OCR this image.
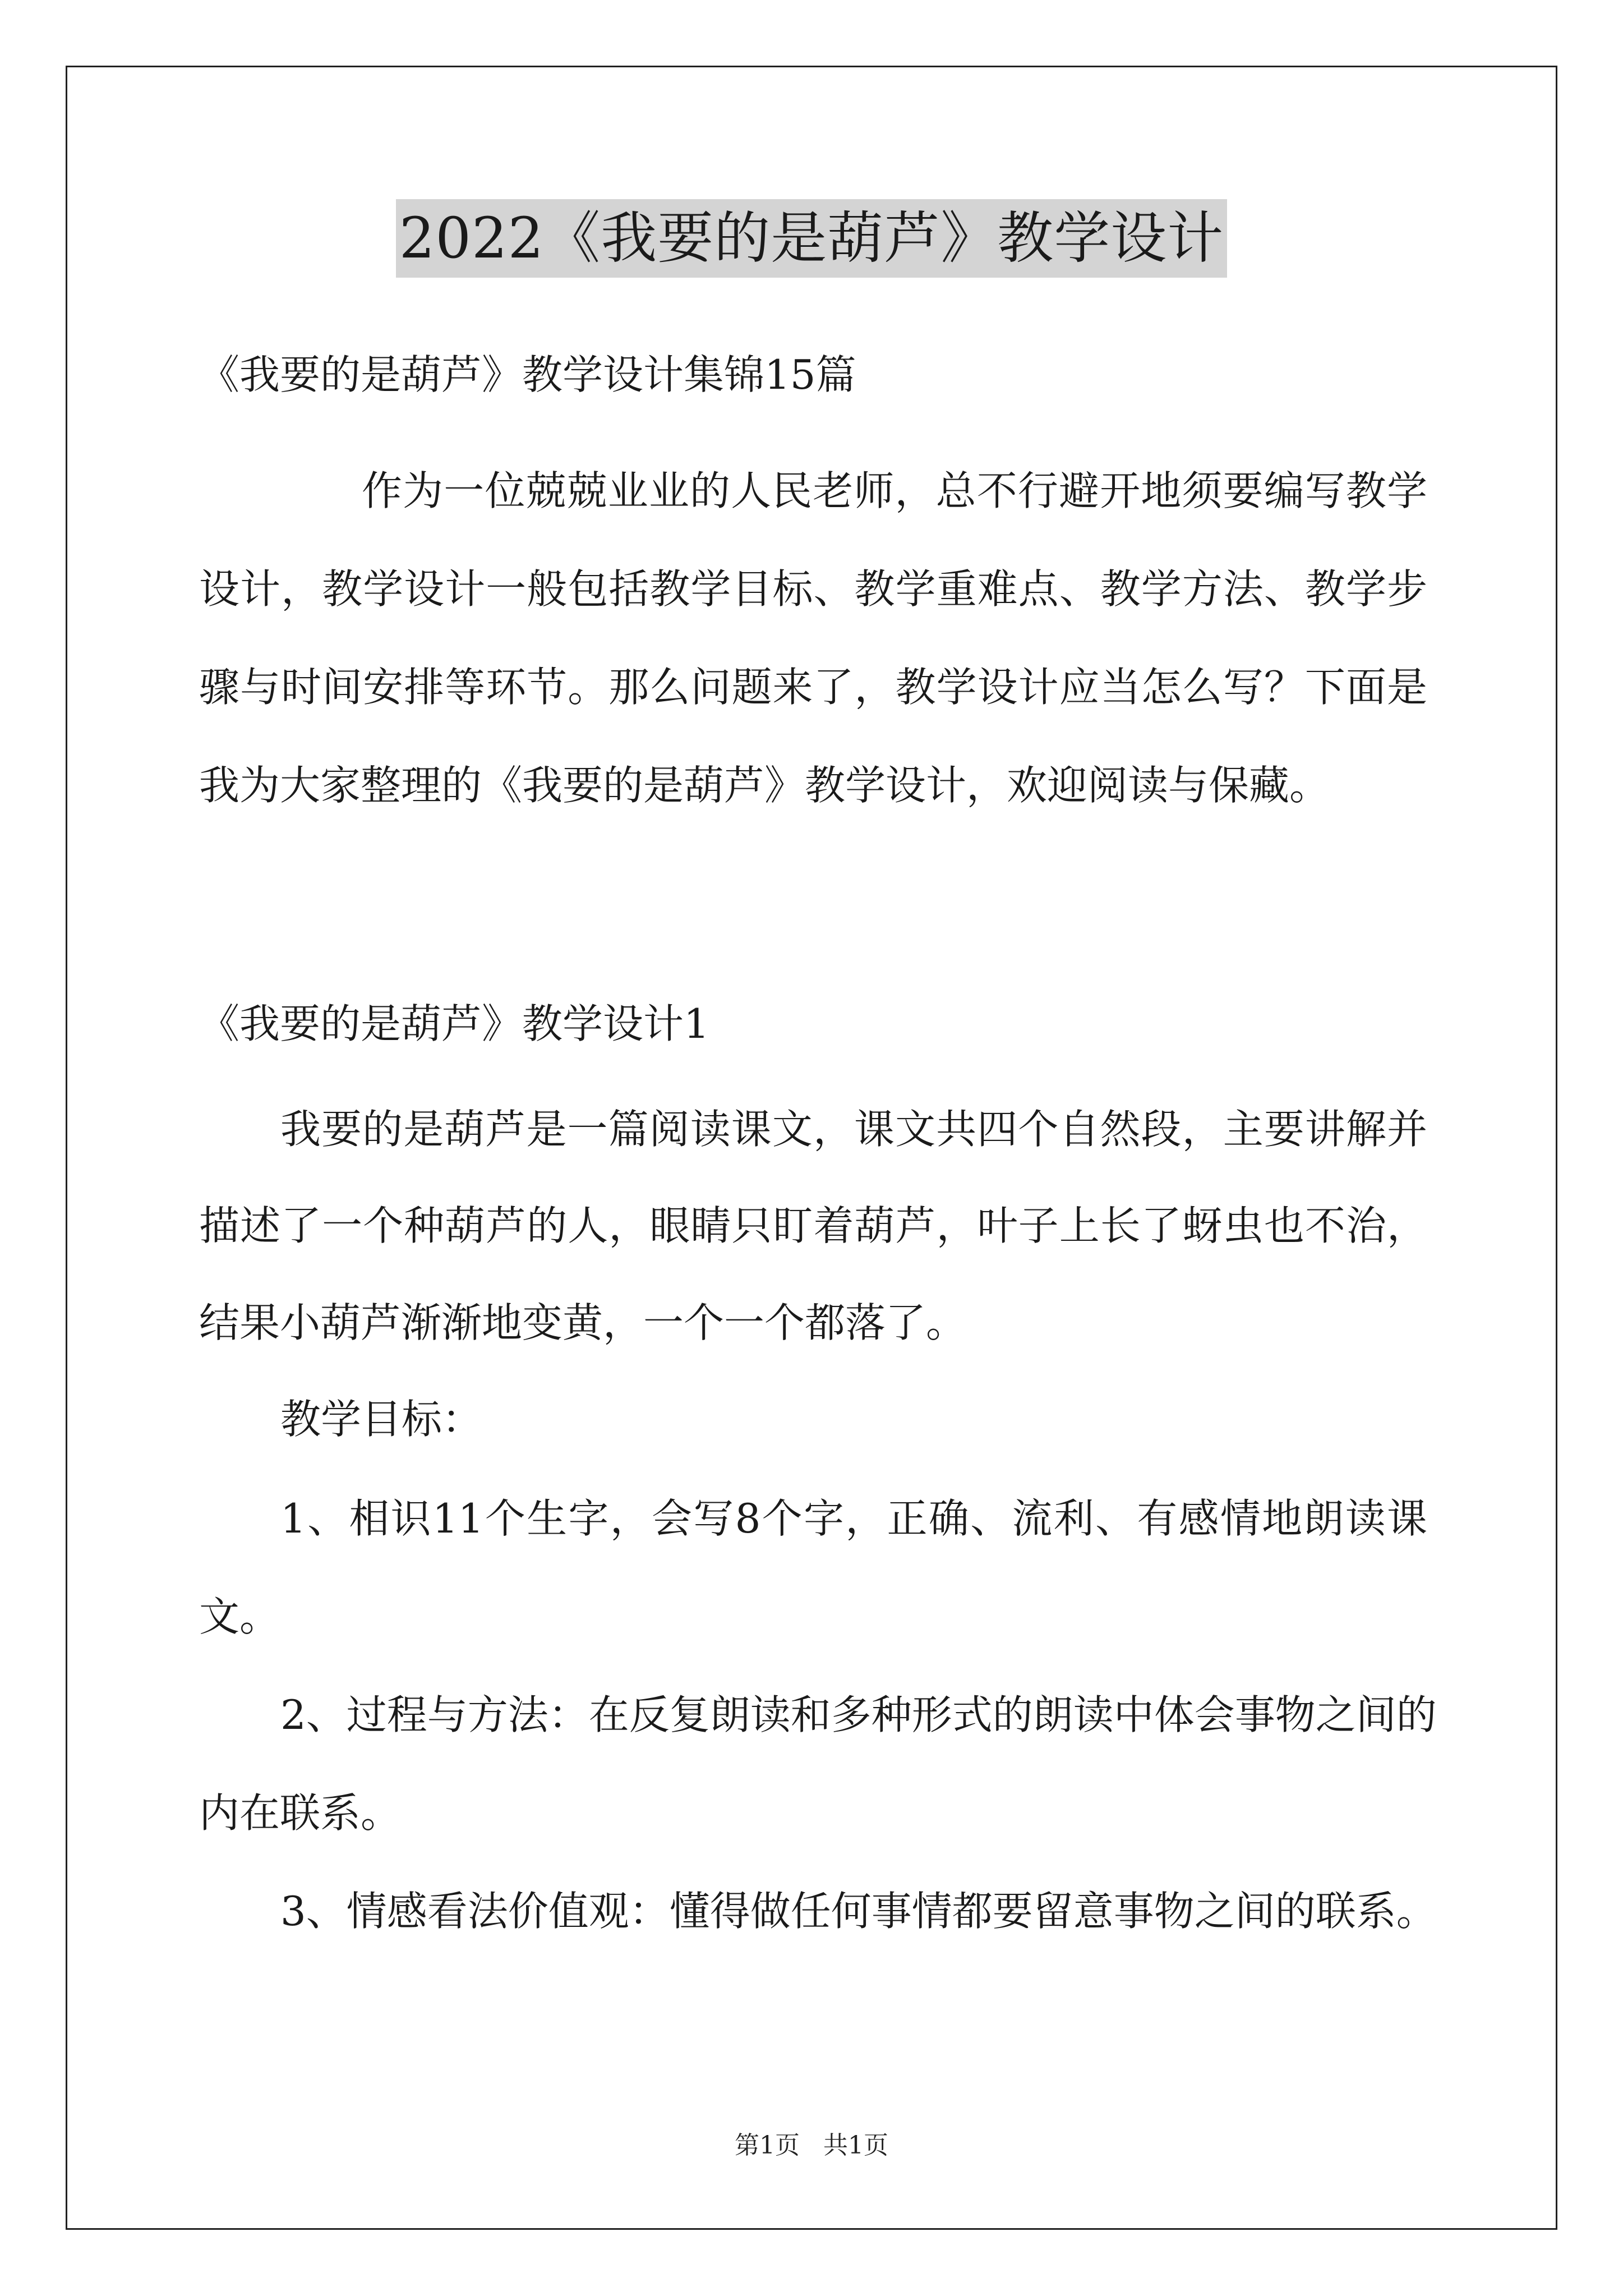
2022《我要的是葫芦》教学设计

《我要的是葫芦》教学设计集锦15篇

作为一位兢兢业业的人民老师，总不行避开地须要编写教学

设计，教学设计一般包括教学目标、教学重难点、教学方法、教学步

骤与时间安排等环节。那么问题来了，教学设计应当怎么写？下面是

我为大家整理的《我要的是葫芦》教学设计，欢迎阅读与保藏。

《我要的是葫芦》教学设计1

我要的是葫芦是一篇阅读课文，课文共四个自然段，主要讲解并

描述了一个种葫芦的人，眼睛只盯着葫芦，叶子上长了蚜虫也不治，

结果小葫芦渐渐地变黄，一个一个都落了。

教学目标：

1、相识11个生字，会写8个字，正确、流利、有感情地朗读课

文。

2、过程与方法：在反复朗读和多种形式的朗读中体会事物之间的

内在联系。

3、情感看法价值观：懂得做任何事情都要留意事物之间的联系。

第1页   共1页
